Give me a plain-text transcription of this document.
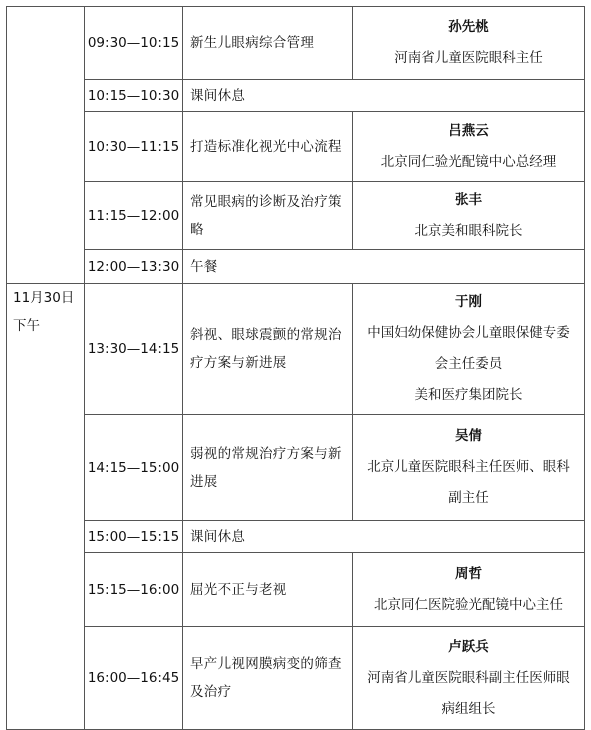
	09:30—10:15	新生儿眼病综合管理	孙先桃
河南省儿童医院眼科主任

	10:15—10:30	课间休息	
	10:30—11:15	打造标准化视光中心流程	吕燕云
北京同仁验光配镜中心总经理

	11:15—12:00	常见眼病的诊断及治疗策略	张丰
北京美和眼科院长

	12:00—13:30	午餐	

11月30日
下午	13:30—14:15	斜视、眼球震颤的常规治疗方案与新进展	于刚
中国妇幼保健协会儿童眼保健专委
会主任委员
美和医疗集团院长

	14:15—15:00	弱视的常规治疗方案与新进展	吴倩
北京儿童医院眼科主任医师、眼科
副主任

	15:00—15:15	课间休息	
	15:15—16:00	屈光不正与老视	周哲
北京同仁医院验光配镜中心主任

	16:00—16:45	早产儿视网膜病变的筛查及治疗	卢跃兵
河南省儿童医院眼科副主任医师眼
病组组长
